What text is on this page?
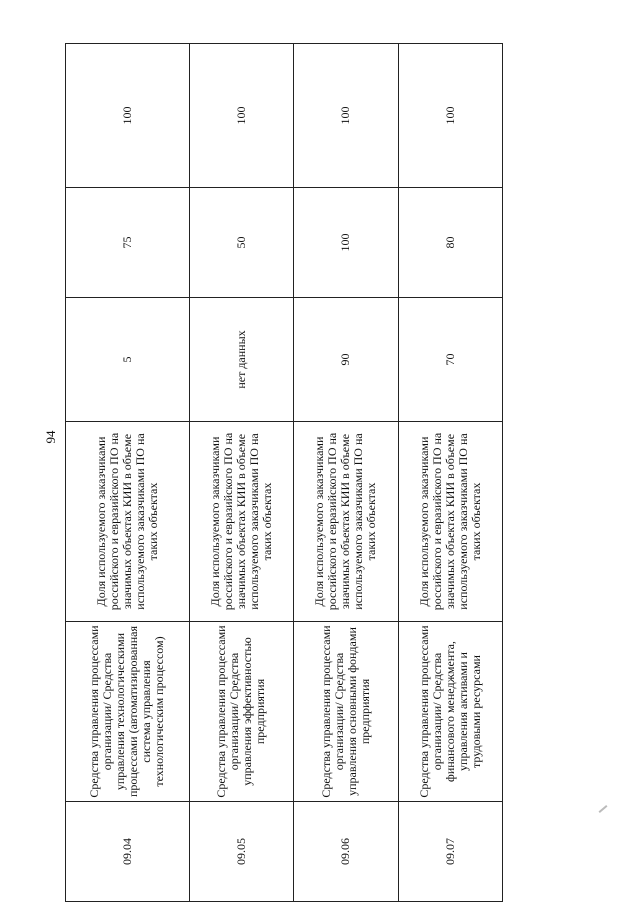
94
09.04	Средства управления процессами организации/ Средства управления технологическими процессами (автоматизированная система управления технологическим процессом)	Доля используемого заказчиками российского и евразийского ПО на значимых объектах КИИ в объеме используемого заказчиками ПО на таких объектах	5	75	100
09.05	Средства управления процессами организации/ Средства управления эффективностью предприятия	Доля используемого заказчиками российского и евразийского ПО на значимых объектах КИИ в объеме используемого заказчиками ПО на таких объектах	нет данных	50	100
09.06	Средства управления процессами организации/ Средства управления основными фондами предприятия	Доля используемого заказчиками российского и евразийского ПО на значимых объектах КИИ в объеме используемого заказчиками ПО на таких объектах	90	100	100
09.07	Средства управления процессами организации/ Средства финансового менеджмента, управления активами и трудовыми ресурсами	Доля используемого заказчиками российского и евразийского ПО на значимых объектах КИИ в объеме используемого заказчиками ПО на таких объектах	70	80	100
